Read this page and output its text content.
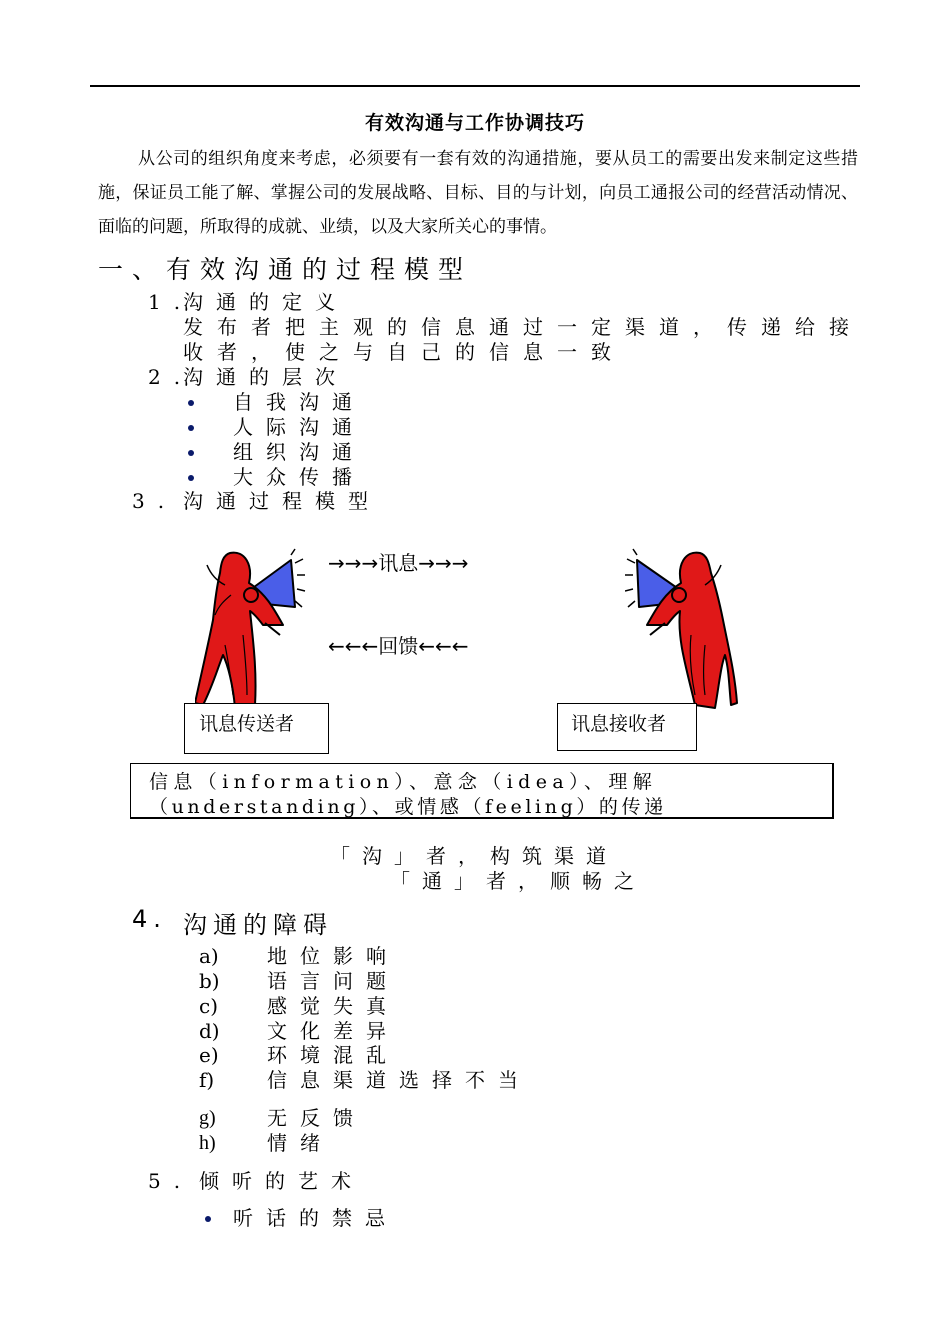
有效沟通与工作协调技巧
从公司的组织角度来考虑，必须要有一套有效的沟通措施，要从员工的需要出发来制定这些措施，保证员工能了解、掌握公司的发展战略、目标、目的与计划，向员工通报公司的经营活动情况、面临的问题，所取得的成就、业绩，以及大家所关心的事情。
一、有效沟通的过程模型
1.
沟通的定义
发布者把主观的信息通过一定渠道，传递给接
收者，使之与自己的信息一致
2.
沟通的层次
自我沟通
人际沟通
组织沟通
大众传播
3. 沟通过程模型
→→→讯息→→→
←←←回馈←←←
讯息传送者	讯息接收者
信息（information）、意念（idea）、理解
（understanding）、或情感（feeling）的传递
「沟」者，构筑渠道
「通」者，顺畅之
4. 沟通的障碍
a) 地位影响
b) 语言问题
c) 感觉失真
d) 文化差异
e) 环境混乱
f)	信息渠道选择不当
g)	无反馈
h)	情绪
5. 倾听的艺术
听话的禁忌
